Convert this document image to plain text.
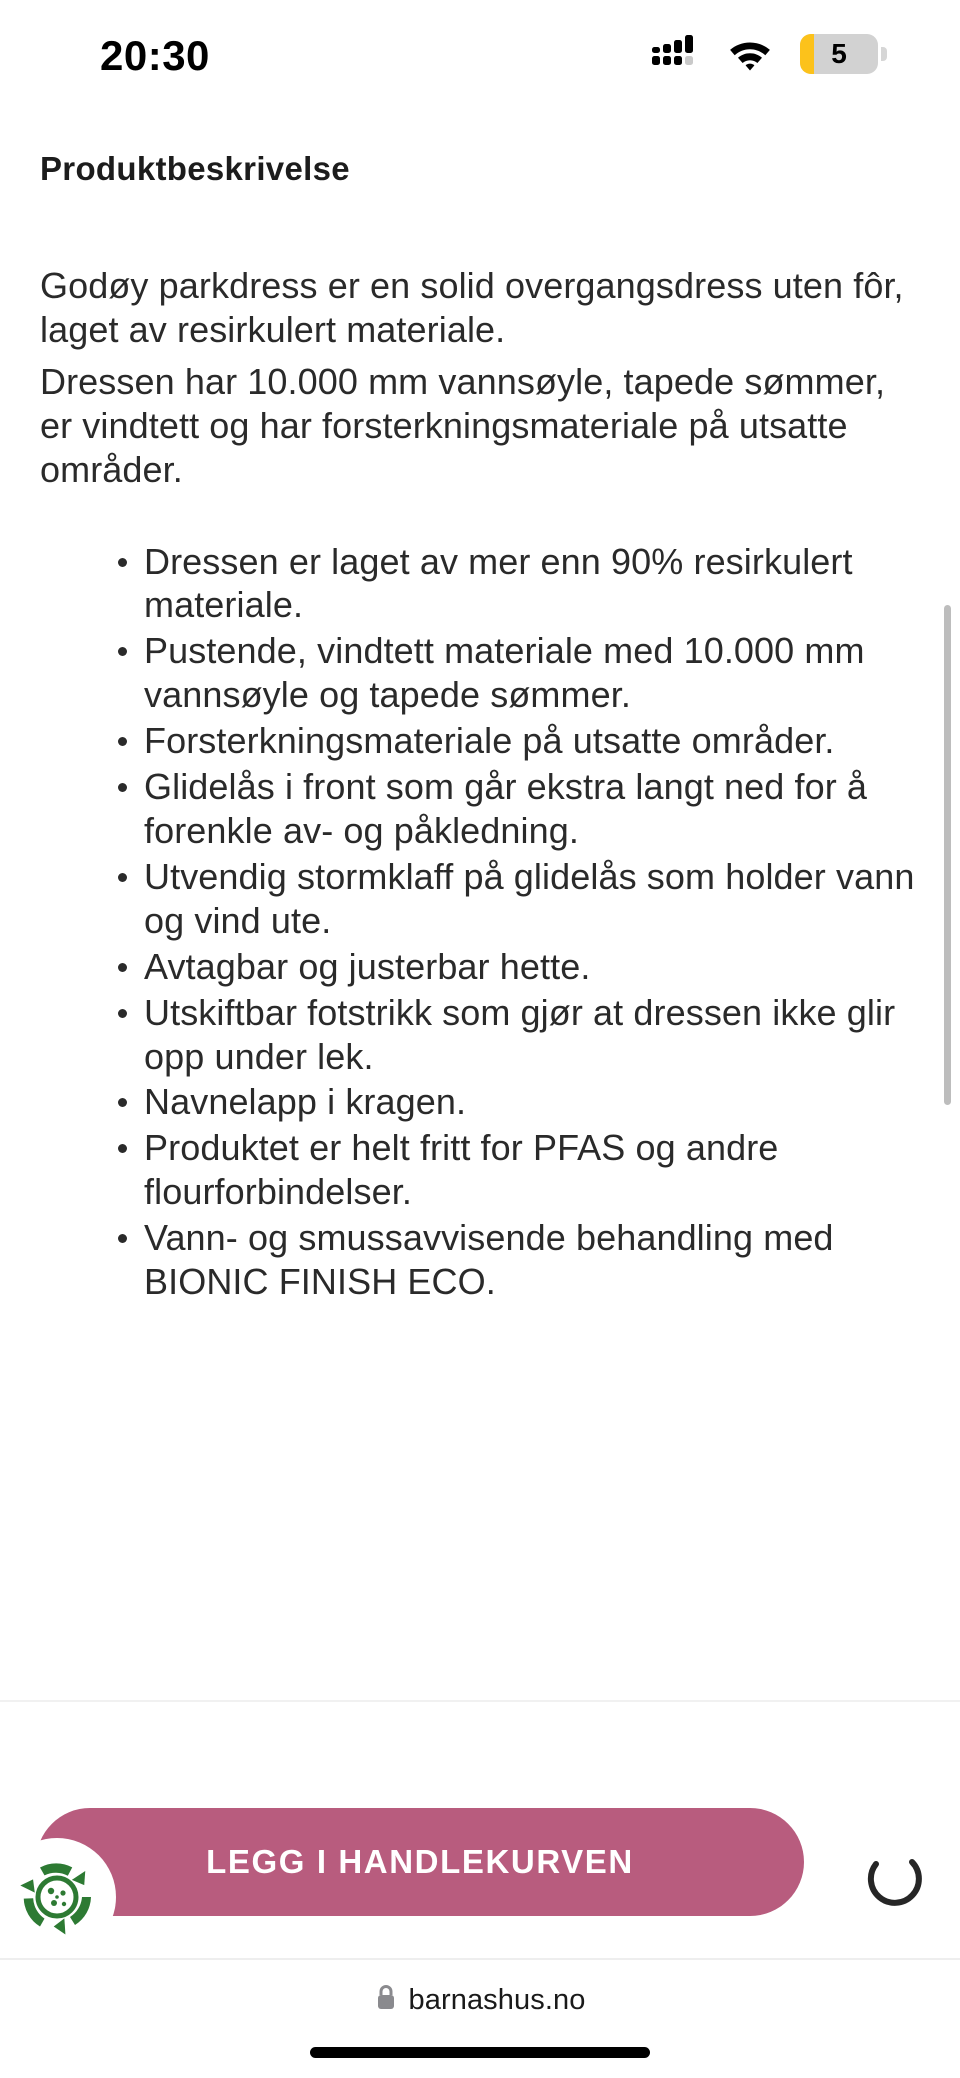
20:30	5
Produktbeskrivelse

Godøy parkdress er en solid overgangsdress uten fôr, laget av resirkulert materiale.

Dressen har 10.000 mm vannsøyle, tapede sømmer, er vindtett og har forsterkningsmateriale på utsatte områder.

Dressen er laget av mer enn 90% resirkulert materiale.
Pustende, vindtett materiale med 10.000 mm vannsøyle og tapede sømmer.
Forsterkningsmateriale på utsatte områder.
Glidelås i front som går ekstra langt ned for å forenkle av- og påkledning.
Utvendig stormklaff på glidelås som holder vann og vind ute.
Avtagbar og justerbar hette.
Utskiftbar fotstrikk som gjør at dressen ikke glir opp under lek.
Navnelapp i kragen.
Produktet er helt fritt for PFAS og andre flourforbindelser.
Vann- og smussavvisende behandling med BIONIC FINISH ECO.
LEGG I HANDLEKURVEN
barnashus.no
